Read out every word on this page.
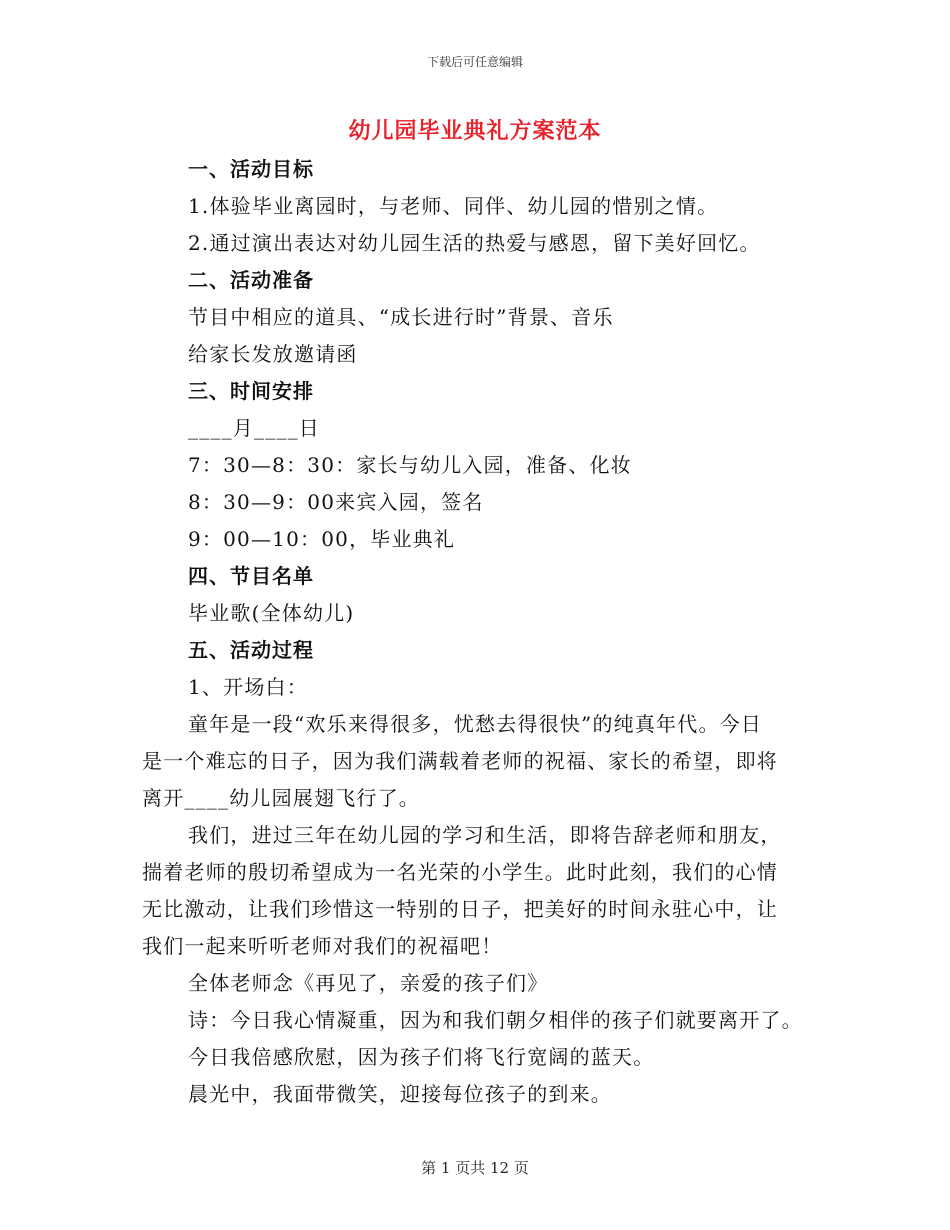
下载后可任意编辑
幼儿园毕业典礼方案范本
一、活动目标
1.体验毕业离园时，与老师、同伴、幼儿园的惜别之情。
2.通过演出表达对幼儿园生活的热爱与感恩，留下美好回忆。
二、活动准备
节目中相应的道具、“成长进行时”背景、音乐
给家长发放邀请函
三、时间安排
____月____日
7：30—8：30：家长与幼儿入园，准备、化妆
8：30—9：00来宾入园，签名
9：00—10：00，毕业典礼
四、节目名单
毕业歌(全体幼儿)
五、活动过程
1、开场白：
童年是一段“欢乐来得很多，忧愁去得很快”的纯真年代。今日
是一个难忘的日子，因为我们满载着老师的祝福、家长的希望，即将
离开____幼儿园展翅飞行了。
我们，进过三年在幼儿园的学习和生活，即将告辞老师和朋友，
揣着老师的殷切希望成为一名光荣的小学生。此时此刻，我们的心情
无比激动，让我们珍惜这一特别的日子，把美好的时间永驻心中，让
我们一起来听听老师对我们的祝福吧！
全体老师念《再见了，亲爱的孩子们》
诗：今日我心情凝重，因为和我们朝夕相伴的孩子们就要离开了。
今日我倍感欣慰，因为孩子们将飞行宽阔的蓝天。
晨光中，我面带微笑，迎接每位孩子的到来。
第 1 页共 12 页
